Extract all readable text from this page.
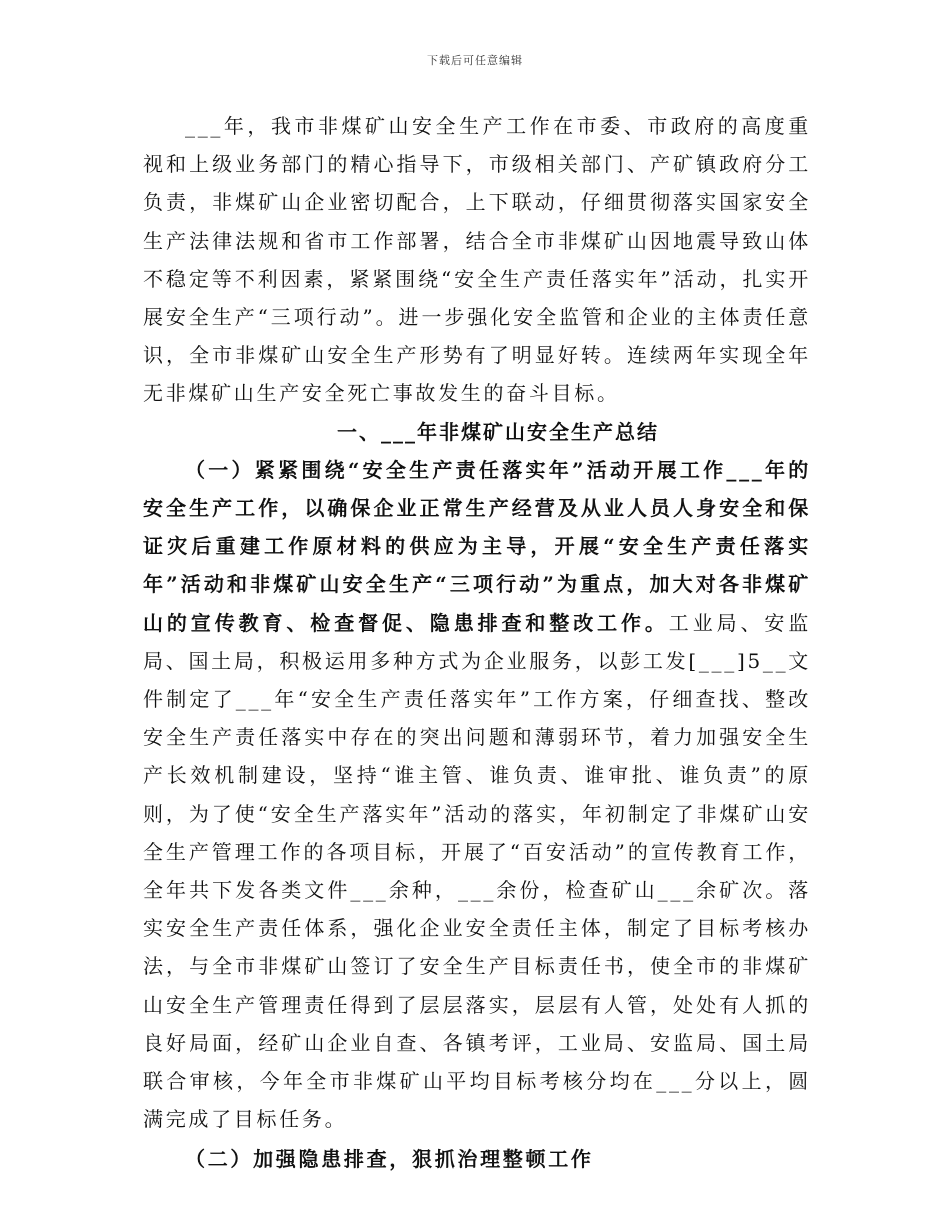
下载后可任意编辑

___年，我市非煤矿山安全生产工作在市委、市政府的高度重视和上级业务部门的精心指导下，市级相关部门、产矿镇政府分工负责，非煤矿山企业密切配合，上下联动，仔细贯彻落实国家安全生产法律法规和省市工作部署，结合全市非煤矿山因地震导致山体不稳定等不利因素，紧紧围绕“安全生产责任落实年”活动，扎实开展安全生产“三项行动”。进一步强化安全监管和企业的主体责任意识，全市非煤矿山安全生产形势有了明显好转。连续两年实现全年无非煤矿山生产安全死亡事故发生的奋斗目标。

一、___年非煤矿山安全生产总结

（一）紧紧围绕“安全生产责任落实年”活动开展工作___年的安全生产工作，以确保企业正常生产经营及从业人员人身安全和保证灾后重建工作原材料的供应为主导，开展“安全生产责任落实年”活动和非煤矿山安全生产“三项行动”为重点，加大对各非煤矿山的宣传教育、检查督促、隐患排查和整改工作。工业局、安监局、国土局，积极运用多种方式为企业服务，以彭工发[___]5__文件制定了___年“安全生产责任落实年”工作方案，仔细查找、整改安全生产责任落实中存在的突出问题和薄弱环节，着力加强安全生产长效机制建设，坚持“谁主管、谁负责、谁审批、谁负责”的原则，为了使“安全生产落实年”活动的落实，年初制定了非煤矿山安全生产管理工作的各项目标，开展了“百安活动”的宣传教育工作，全年共下发各类文件___余种，___余份，检查矿山___余矿次。落实安全生产责任体系，强化企业安全责任主体，制定了目标考核办法，与全市非煤矿山签订了安全生产目标责任书，使全市的非煤矿山安全生产管理责任得到了层层落实，层层有人管，处处有人抓的良好局面，经矿山企业自查、各镇考评，工业局、安监局、国土局联合审核，今年全市非煤矿山平均目标考核分均在___分以上，圆满完成了目标任务。

（二）加强隐患排查，狠抓治理整顿工作
